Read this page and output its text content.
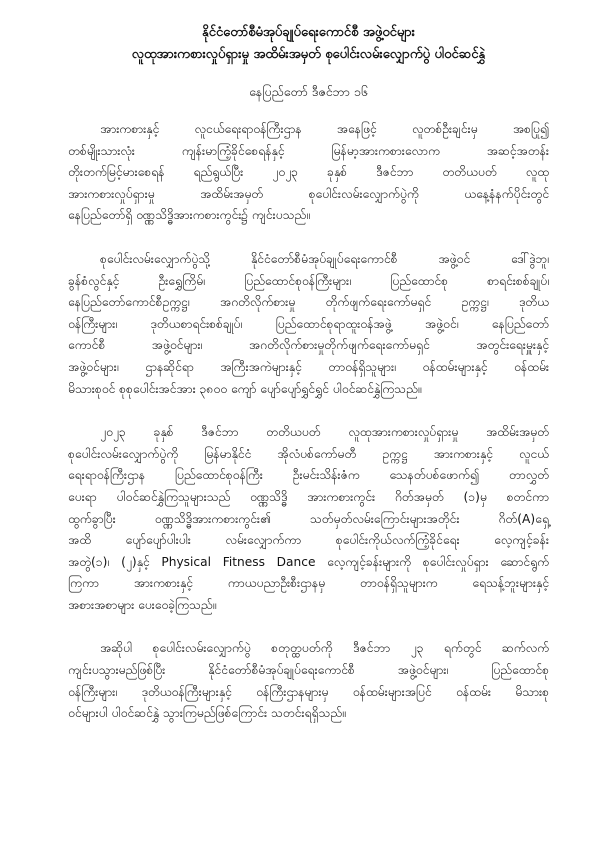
နိုင်ငံတော်စီမံအုပ်ချုပ်ရေးကောင်စီ အဖွဲ့ဝင်များ
လူထုအားကစားလှုပ်ရှားမှု အထိမ်းအမှတ် စုပေါင်းလမ်းလျှောက်ပွဲ ပါဝင်ဆင်နွှဲ
နေပြည်တော် ဒီဇင်ဘာ ၁၆
အားကစားနှင့် လူငယ်ရေးရာဝန်ကြီးဌာန အနေဖြင့် လူတစ်ဦးချင်းမှ အစပြု၍
တစ်မျိုးသားလုံး ကျန်းမာကြံ့ခိုင်စေရန်နှင့် မြန်မာ့အားကစားလောက အဆင့်အတန်း
တိုးတက်မြင့်မားစေရန် ရည်ရွယ်ပြီး ၂၀၂၃ ခုနှစ် ဒီဇင်ဘာ တတိယပတ် လူထု
အားကစားလှုပ်ရှားမှု အထိမ်းအမှတ် စုပေါင်းလမ်းလျှောက်ပွဲကို ယနေ့နံနက်ပိုင်းတွင်
နေပြည်တော်ရှိ ဝဏ္ဏသိဒ္ဓိအားကစားကွင်း၌ ကျင်းပသည်။
စုပေါင်းလမ်းလျှောက်ပွဲသို့ နိုင်ငံတော်စီမံအုပ်ချုပ်ရေးကောင်စီ အဖွဲ့ဝင် ဒေါ်ဒွဲဘူ၊
ခွန်စံလွင်နှင့် ဦးရွှေကြိမ်၊ ပြည်ထောင်စုဝန်ကြီးများ၊ ပြည်ထောင်စု စာရင်းစစ်ချုပ်၊
နေပြည်တော်ကောင်စီဥက္ကဋ္ဌ၊ အဂတိလိုက်စားမှု တိုက်ဖျက်ရေးကော်မရှင် ဥက္ကဋ္ဌ၊ ဒုတိယ
ဝန်ကြီးများ၊ ဒုတိယစာရင်းစစ်ချုပ်၊ ပြည်ထောင်စုရာထူးဝန်အဖွဲ့ အဖွဲ့ဝင်၊ နေပြည်တော်
ကောင်စီ အဖွဲ့ဝင်များ၊ အဂတိလိုက်စားမှုတိုက်ဖျက်ရေးကော်မရှင် အတွင်းရေးမှူးနှင့်
အဖွဲ့ဝင်များ၊ ဌာနဆိုင်ရာ အကြီးအကဲများနှင့် တာဝန်ရှိသူများ၊ ဝန်ထမ်းများနှင့် ဝန်ထမ်း
မိသားစုဝင် စုစုပေါင်းအင်အား ၃၈၀၀ ကျော် ပျော်ပျော်ရွှင်ရွှင် ပါဝင်ဆင်နွှဲကြသည်။
၂၀၂၃ ခုနှစ် ဒီဇင်ဘာ တတိယပတ် လူထုအားကစားလှုပ်ရှားမှု အထိမ်းအမှတ်
စုပေါင်းလမ်းလျှောက်ပွဲကို မြန်မာနိုင်ငံ အိုလံပစ်ကော်မတီ ဥက္ကဋ္ဌ အားကစားနှင့် လူငယ်
ရေးရာဝန်ကြီးဌာန ပြည်ထောင်စုဝန်ကြီး ဦးမင်းသိန်းဇံက သေနတ်ပစ်ဖောက်၍ တာလွှတ်
ပေးရာ ပါဝင်ဆင်နွှဲကြသူများသည် ဝဏ္ဏသိဒ္ဓိ အားကစားကွင်း ဂိတ်အမှတ် (၁)မှ စတင်ကာ
ထွက်ခွာပြီး ဝဏ္ဏသိဒ္ဓိအားကစားကွင်း၏ သတ်မှတ်လမ်းကြောင်းများအတိုင်း ဂိတ်(A)ရှေ့
အထိ ပျော်ပျော်ပါးပါး လမ်းလျှောက်ကာ စုပေါင်းကိုယ်လက်ကြံ့ခိုင်ရေး လေ့ကျင့်ခန်း
အတွဲ(၁)၊ (၂)နှင့် Physical Fitness Dance လေ့ကျင့်ခန်းများကို စုပေါင်းလှုပ်ရှား ဆောင်ရွက်
ကြကာ အားကစားနှင့် ကာယပညာဦးစီးဌာနမှ တာဝန်ရှိသူများက ရေသန့်ဘူးများနှင့်
အစားအစာများ ပေးဝေခဲ့ကြသည်။
အဆိုပါ စုပေါင်းလမ်းလျှောက်ပွဲ စတုတ္ထပတ်ကို ဒီဇင်ဘာ ၂၃ ရက်တွင် ဆက်လက်
ကျင်းပသွားမည်ဖြစ်ပြီး နိုင်ငံတော်စီမံအုပ်ချုပ်ရေးကောင်စီ အဖွဲ့ဝင်များ၊ ပြည်ထောင်စု
ဝန်ကြီးများ၊ ဒုတိယဝန်ကြီးများနှင့် ဝန်ကြီးဌာနများမှ ဝန်ထမ်းများအပြင် ဝန်ထမ်း မိသားစု
ဝင်များပါ ပါဝင်ဆင်နွှဲ သွားကြမည်ဖြစ်ကြောင်း သတင်းရရှိသည်။
